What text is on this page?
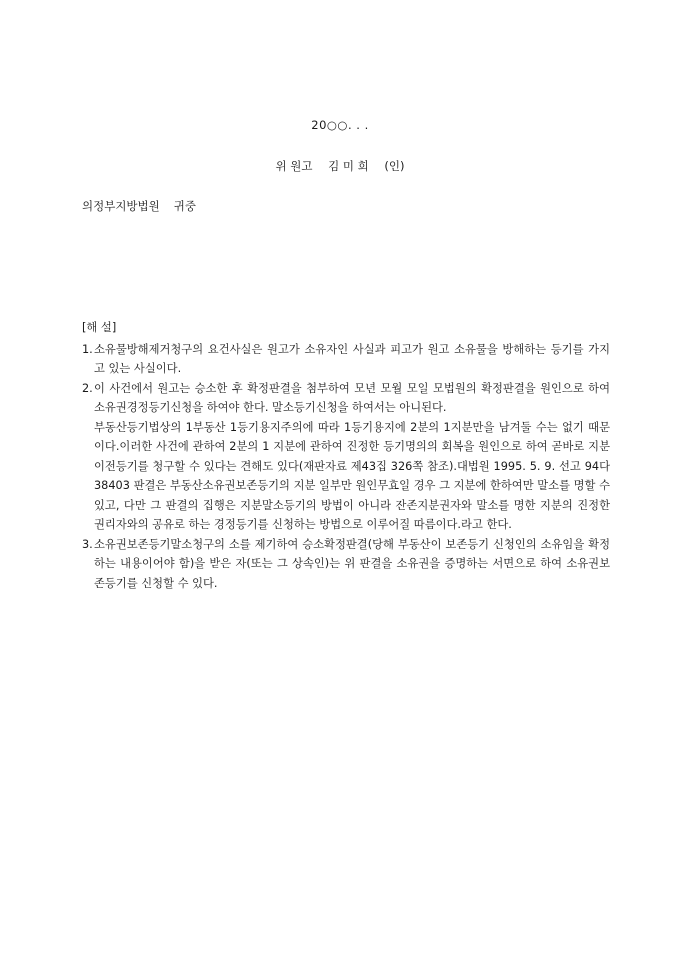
20○○. . .
위 원고 김 미 희 (인)
의정부지방법원 귀중
[해 설]
1. 소유물방해제거청구의 요건사실은 원고가 소유자인 사실과 피고가 원고 소유물을 방해하는 등기를 가지고 있는 사실이다.

2. 이 사건에서 원고는 승소한 후 확정판결을 첨부하여 모년 모월 모일 모법원의 확정판결을 원인으로 하여 소유권경정등기신청을 하여야 한다. 말소등기신청을 하여서는 아니된다.

부동산등기법상의 1부동산 1등기용지주의에 따라 1등기용지에 2분의 1지분만을 남겨둘 수는 없기 때문이다.이러한 사건에 관하여 2분의 1 지분에 관하여 진정한 등기명의의 회복을 원인으로 하여 곧바로 지분이전등기를 청구할 수 있다는 견해도 있다(재판자료 제43집 326쪽 참조).대법원 1995. 5. 9. 선고 94다38403 판결은 부동산소유권보존등기의 지분 일부만 원인무효일 경우 그 지분에 한하여만 말소를 명할 수 있고, 다만 그 판결의 집행은 지분말소등기의 방법이 아니라 잔존지분권자와 말소를 명한 지분의 진정한 권리자와의 공유로 하는 경정등기를 신청하는 방법으로 이루어질 따름이다.라고 한다.

3. 소유권보존등기말소청구의 소를 제기하여 승소확정판결(당해 부동산이 보존등기 신청인의 소유임을 확정하는 내용이어야 함)을 받은 자(또는 그 상속인)는 위 판결을 소유권을 증명하는 서면으로 하여 소유권보존등기를 신청할 수 있다.
